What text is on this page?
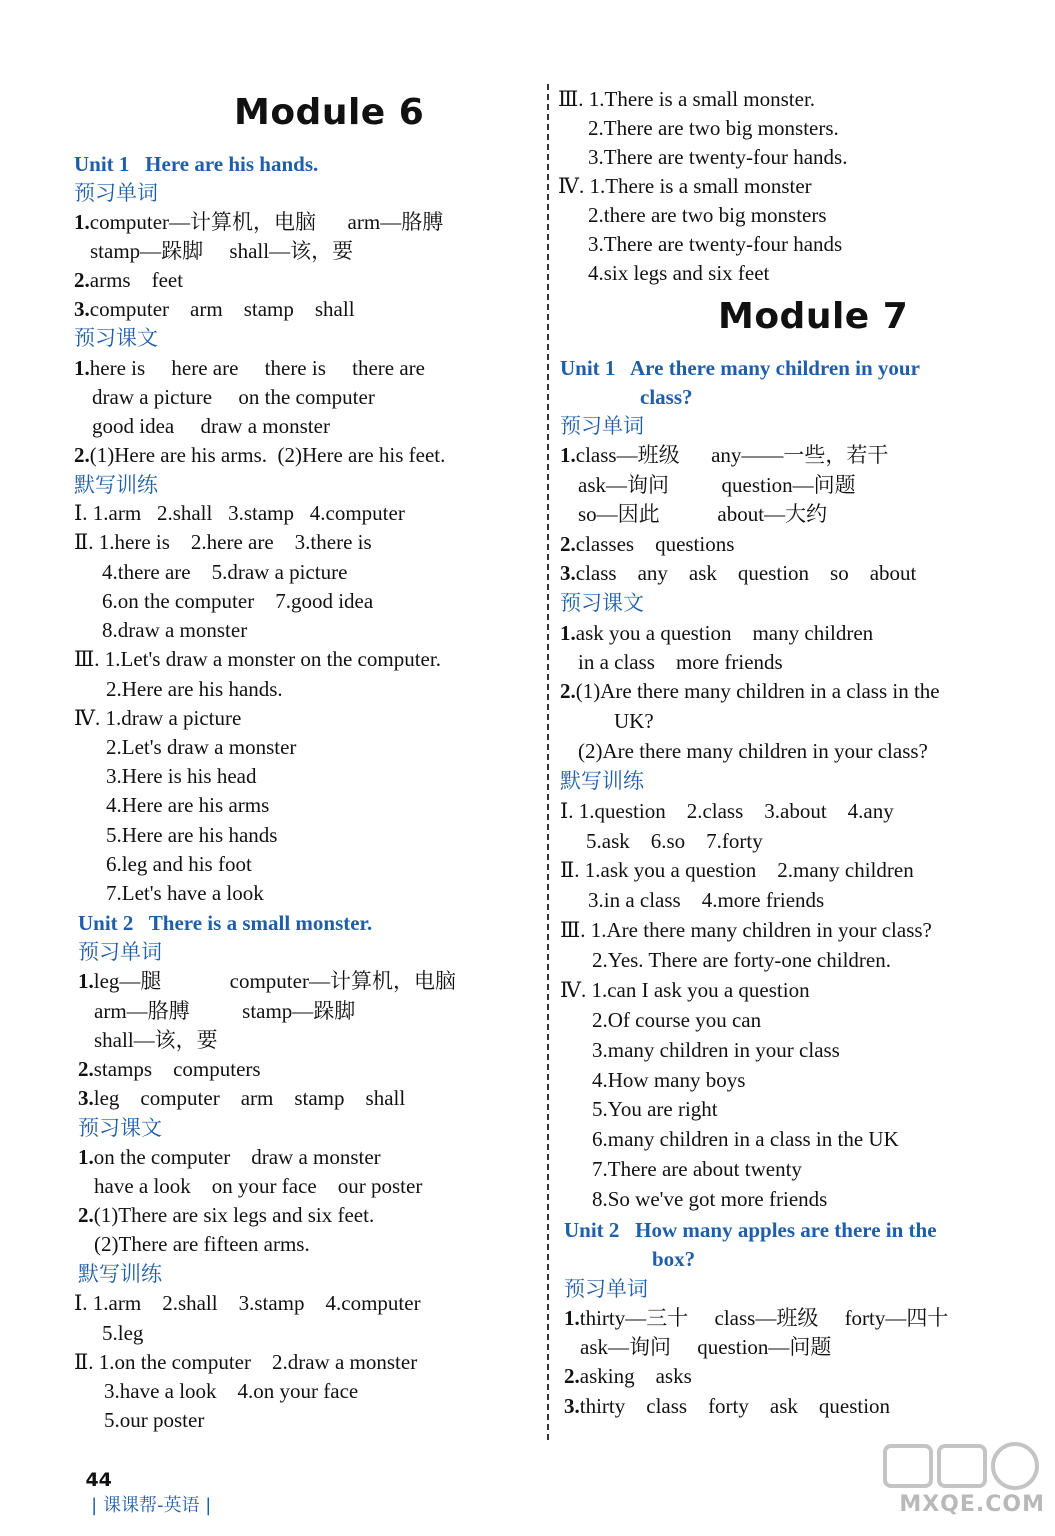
Module 6
Unit 1   Here are his hands.
预习单词
1.computer—计算机，电脑      arm—胳膊
stamp—跺脚     shall—该，要
2.arms    feet
3.computer    arm    stamp    shall
预习课文
1.here is     here are     there is     there are
draw a picture     on the computer
good idea     draw a monster
2.(1)Here are his arms.  (2)Here are his feet.
默写训练
Ⅰ. 1.arm   2.shall   3.stamp   4.computer
Ⅱ. 1.here is    2.here are    3.there is
4.there are    5.draw a picture
6.on the computer    7.good idea
8.draw a monster
Ⅲ. 1.Let's draw a monster on the computer.
2.Here are his hands.
Ⅳ. 1.draw a picture
2.Let's draw a monster
3.Here is his head
4.Here are his arms
5.Here are his hands
6.leg and his foot
7.Let's have a look
Unit 2   There is a small monster.
预习单词
1.leg—腿             computer—计算机，电脑
arm—胳膊          stamp—跺脚
shall—该，要
2.stamps    computers
3.leg    computer    arm    stamp    shall
预习课文
1.on the computer    draw a monster
have a look    on your face    our poster
2.(1)There are six legs and six feet.
(2)There are fifteen arms.
默写训练
Ⅰ. 1.arm    2.shall    3.stamp    4.computer
5.leg
Ⅱ. 1.on the computer    2.draw a monster
3.have a look    4.on your face
5.our poster
Ⅲ. 1.There is a small monster.
2.There are two big monsters.
3.There are twenty-four hands.
Ⅳ. 1.There is a small monster
2.there are two big monsters
3.There are twenty-four hands
4.six legs and six feet
Module 7
Unit 1   Are there many children in your
class?
预习单词
1.class—班级      any——一些，若干
ask—询问          question—问题
so—因此           about—大约
2.classes    questions
3.class    any    ask    question    so    about
预习课文
1.ask you a question    many children
in a class    more friends
2.(1)Are there many children in a class in the
UK?
(2)Are there many children in your class?
默写训练
Ⅰ. 1.question    2.class    3.about    4.any
5.ask    6.so    7.forty
Ⅱ. 1.ask you a question    2.many children
3.in a class    4.more friends
Ⅲ. 1.Are there many children in your class?
2.Yes. There are forty-one children.
Ⅳ. 1.can I ask you a question
2.Of course you can
3.many children in your class
4.How many boys
5.You are right
6.many children in a class in the UK
7.There are about twenty
8.So we've got more friends
Unit 2   How many apples are there in the
box?
预习单词
1.thirty—三十     class—班级     forty—四十
ask—询问     question—问题
2.asking    asks
3.thirty    class    forty    ask    question

44
| 课课帮-英语 |	MXQE.COM
